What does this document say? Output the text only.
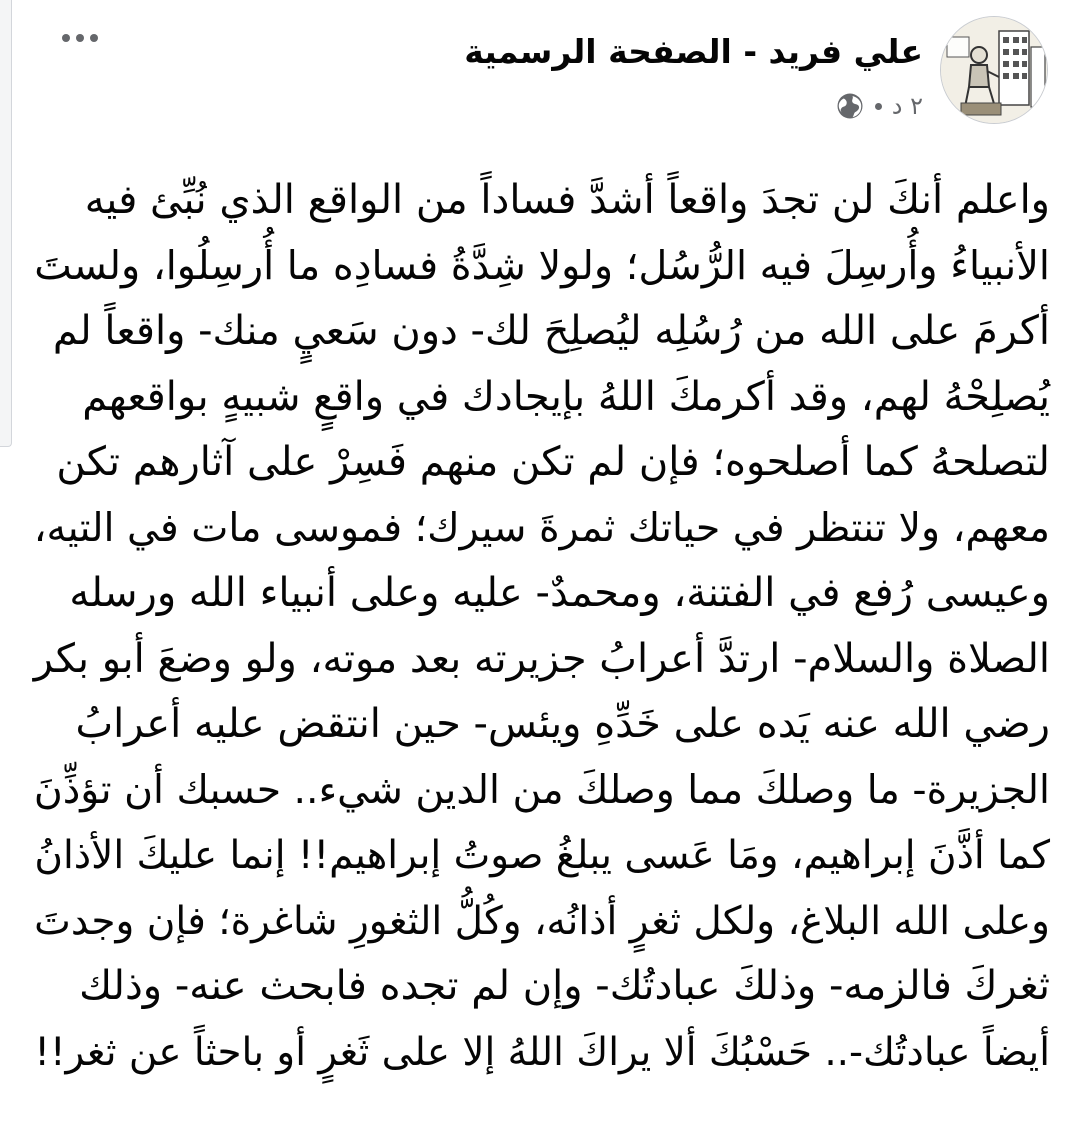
علي فريد - الصفحة الرسمية
٢ د
واعلم أنكَ لن تجدَ واقعاً أشدَّ فساداً من الواقع الذي نُبِّئ فيه
الأنبياءُ وأُرسِلَ فيه الرُّسُل؛ ولولا شِدَّةُ فسادِه ما أُرسِلُوا، ولستَ
أكرمَ على الله من رُسُلِه ليُصلِحَ لك- دون سَعيٍ منك- واقعاً لم
يُصلِحْهُ لهم، وقد أكرمكَ اللهُ بإيجادك في واقعٍ شبيهٍ بواقعهم
لتصلحهُ كما أصلحوه؛ فإن لم تكن منهم فَسِرْ على آثارهم تكن
معهم، ولا تنتظر في حياتك ثمرةَ سيرك؛ فموسى مات في التيه،
وعيسى رُفع في الفتنة، ومحمدٌ- عليه وعلى أنبياء الله ورسله
الصلاة والسلام- ارتدَّ أعرابُ جزيرته بعد موته، ولو وضعَ أبو بكر
رضي الله عنه يَده على خَدِّهِ ويئس- حين انتقض عليه أعرابُ
الجزيرة- ما وصلكَ مما وصلكَ من الدين شيء.. حسبك أن تؤذِّنَ
كما أذَّنَ إبراهيم، ومَا عَسى يبلغُ صوتُ إبراهيم!! إنما عليكَ الأذانُ
وعلى الله البلاغ، ولكل ثغرٍ أذانُه، وكُلُّ الثغورِ شاغرة؛ فإن وجدتَ
ثغركَ فالزمه- وذلكَ عبادتُك- وإن لم تجده فابحث عنه- وذلك
أيضاً عبادتُك-.. حَسْبُكَ ألا يراكَ اللهُ إلا على ثَغرٍ أو باحثاً عن ثغر!!
